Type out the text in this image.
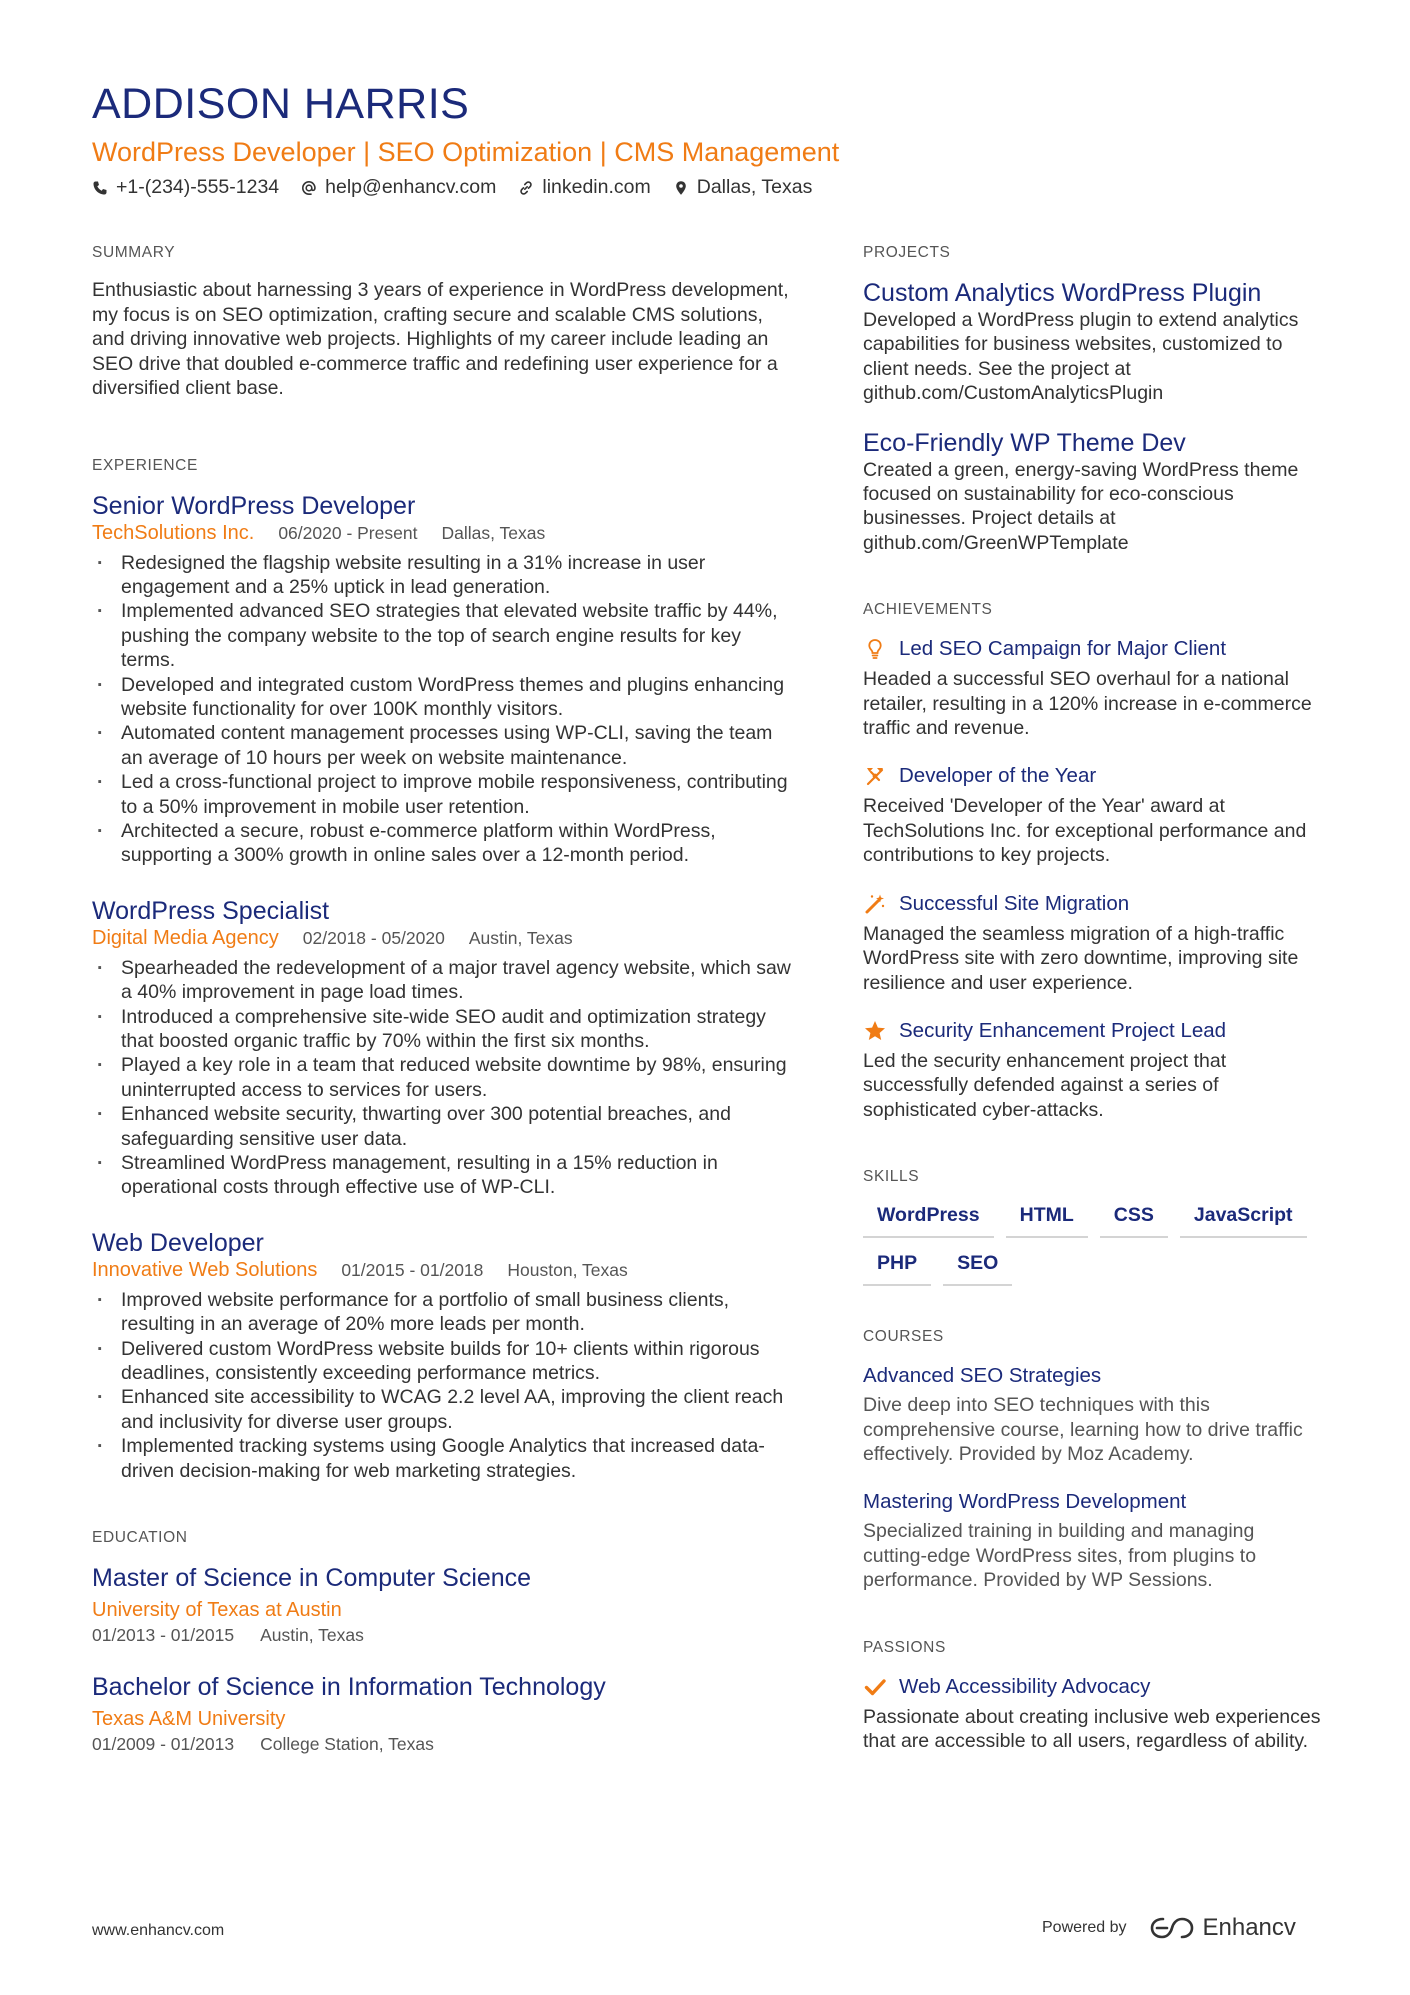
ADDISON HARRIS
WordPress Developer | SEO Optimization | CMS Management
+1-(234)-555-1234 help@enhancv.com linkedin.com Dallas, Texas
SUMMARY
Enthusiastic about harnessing 3 years of experience in WordPress development, my focus is on SEO optimization, crafting secure and scalable CMS solutions, and driving innovative web projects. Highlights of my career include leading an SEO drive that doubled e-commerce traffic and redefining user experience for a diversified client base.
EXPERIENCE
Senior WordPress Developer
TechSolutions Inc. 06/2020 - Present Dallas, Texas
· Redesigned the flagship website resulting in a 31% increase in user engagement and a 25% uptick in lead generation.
· Implemented advanced SEO strategies that elevated website traffic by 44%, pushing the company website to the top of search engine results for key terms.
· Developed and integrated custom WordPress themes and plugins enhancing website functionality for over 100K monthly visitors.
· Automated content management processes using WP-CLI, saving the team an average of 10 hours per week on website maintenance.
· Led a cross-functional project to improve mobile responsiveness, contributing to a 50% improvement in mobile user retention.
· Architected a secure, robust e-commerce platform within WordPress, supporting a 300% growth in online sales over a 12-month period.
WordPress Specialist
Digital Media Agency 02/2018 - 05/2020 Austin, Texas
· Spearheaded the redevelopment of a major travel agency website, which saw a 40% improvement in page load times.
· Introduced a comprehensive site-wide SEO audit and optimization strategy that boosted organic traffic by 70% within the first six months.
· Played a key role in a team that reduced website downtime by 98%, ensuring uninterrupted access to services for users.
· Enhanced website security, thwarting over 300 potential breaches, and safeguarding sensitive user data.
· Streamlined WordPress management, resulting in a 15% reduction in operational costs through effective use of WP-CLI.
Web Developer
Innovative Web Solutions 01/2015 - 01/2018 Houston, Texas
· Improved website performance for a portfolio of small business clients, resulting in an average of 20% more leads per month.
· Delivered custom WordPress website builds for 10+ clients within rigorous deadlines, consistently exceeding performance metrics.
· Enhanced site accessibility to WCAG 2.2 level AA, improving the client reach and inclusivity for diverse user groups.
· Implemented tracking systems using Google Analytics that increased data-driven decision-making for web marketing strategies.
EDUCATION
Master of Science in Computer Science
University of Texas at Austin
01/2013 - 01/2015 Austin, Texas
Bachelor of Science in Information Technology
Texas A&M University
01/2009 - 01/2013 College Station, Texas
PROJECTS
Custom Analytics WordPress Plugin
Developed a WordPress plugin to extend analytics capabilities for business websites, customized to client needs. See the project at github.com/CustomAnalyticsPlugin
Eco-Friendly WP Theme Dev
Created a green, energy-saving WordPress theme focused on sustainability for eco-conscious businesses. Project details at github.com/GreenWPTemplate
ACHIEVEMENTS
Led SEO Campaign for Major Client
Headed a successful SEO overhaul for a national retailer, resulting in a 120% increase in e-commerce traffic and revenue.
Developer of the Year
Received 'Developer of the Year' award at TechSolutions Inc. for exceptional performance and contributions to key projects.
Successful Site Migration
Managed the seamless migration of a high-traffic WordPress site with zero downtime, improving site resilience and user experience.
Security Enhancement Project Lead
Led the security enhancement project that successfully defended against a series of sophisticated cyber-attacks.
SKILLS
WordPress	HTML	CSS	JavaScript
PHP	SEO
COURSES
Advanced SEO Strategies
Dive deep into SEO techniques with this comprehensive course, learning how to drive traffic effectively. Provided by Moz Academy.
Mastering WordPress Development
Specialized training in building and managing cutting-edge WordPress sites, from plugins to performance. Provided by WP Sessions.
PASSIONS
Web Accessibility Advocacy
Passionate about creating inclusive web experiences that are accessible to all users, regardless of ability.
www.enhancv.com	Powered by	Enhancv
